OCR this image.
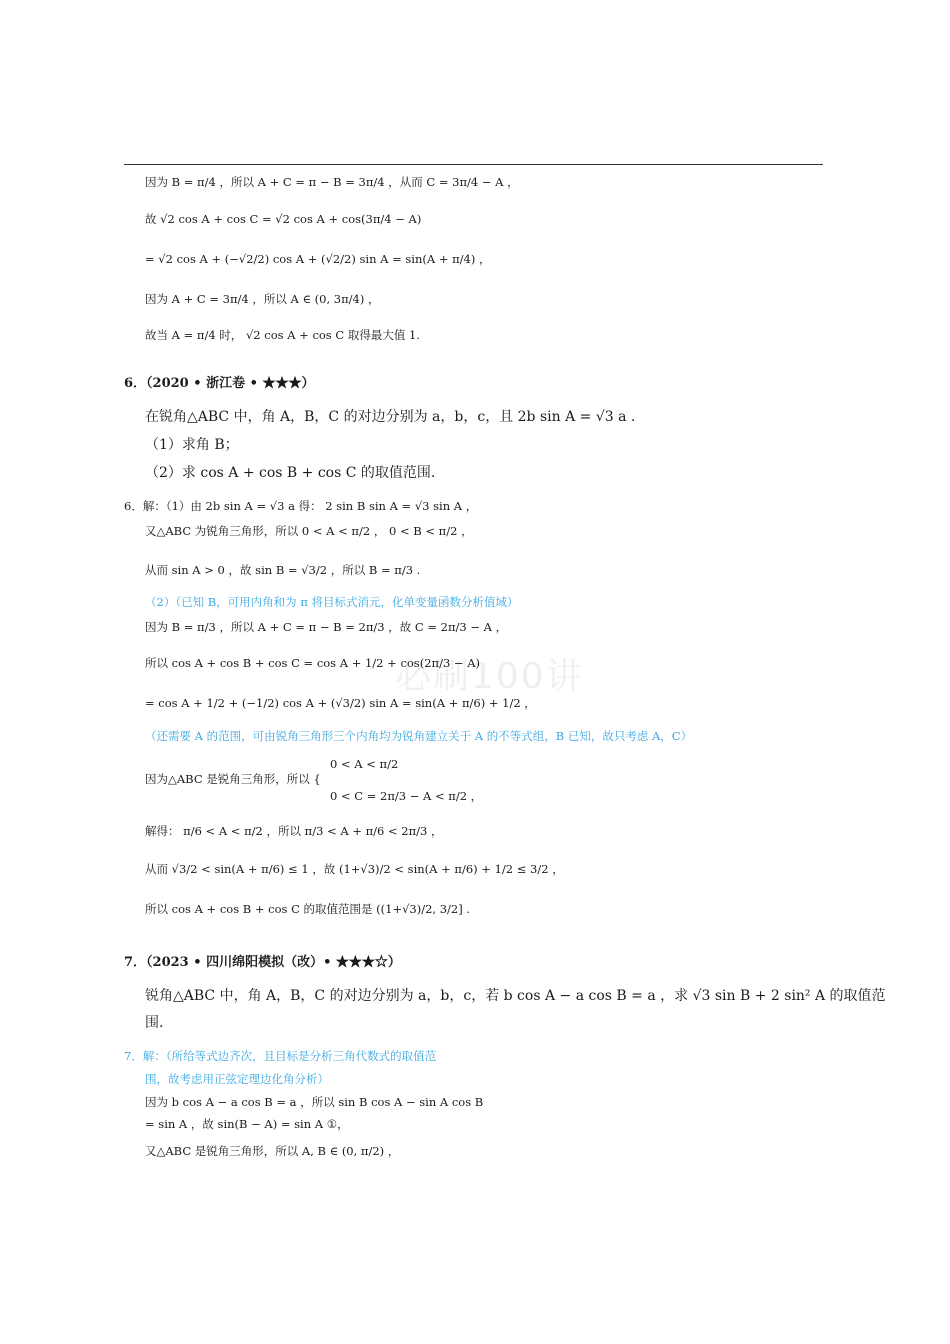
必刷100讲
因为 B = π/4 ，所以 A + C = π − B = 3π/4 ，从而 C = 3π/4 − A ，
故 √2 cos A + cos C = √2 cos A + cos(3π/4 − A)
= √2 cos A + (−√2/2) cos A + (√2/2) sin A = sin(A + π/4) ，
因为 A + C = 3π/4 ，所以 A ∈ (0, 3π/4) ，
故当 A = π/4 时， √2 cos A + cos C 取得最大值 1.
6．（2020 • 浙江卷 • ★★★）
在锐角△ABC 中，角 A，B，C 的对边分别为 a，b，c，且 2b sin A = √3 a .
（1）求角 B；
（2）求 cos A + cos B + cos C 的取值范围.
6．解：（1）由 2b sin A = √3 a 得： 2 sin B sin A = √3 sin A ，
又△ABC 为锐角三角形，所以 0 < A < π/2 ， 0 < B < π/2 ，
从而 sin A > 0 ，故 sin B = √3/2 ，所以 B = π/3 .
（2）（已知 B，可用内角和为 π 将目标式消元，化单变量函数分析值域）
因为 B = π/3 ，所以 A + C = π − B = 2π/3 ，故 C = 2π/3 − A ，
所以 cos A + cos B + cos C = cos A + 1/2 + cos(2π/3 − A)
= cos A + 1/2 + (−1/2) cos A + (√3/2) sin A = sin(A + π/6) + 1/2 ，
（还需要 A 的范围，可由锐角三角形三个内角均为锐角建立关于 A 的不等式组，B 已知，故只考虑 A，C）
0 < A < π/2
因为△ABC 是锐角三角形，所以 {
0 < C = 2π/3 − A < π/2 ，
解得： π/6 < A < π/2 ，所以 π/3 < A + π/6 < 2π/3 ，
从而 √3/2 < sin(A + π/6) ≤ 1 ，故 (1+√3)/2 < sin(A + π/6) + 1/2 ≤ 3/2 ，
所以 cos A + cos B + cos C 的取值范围是 ((1+√3)/2, 3/2] .
7．（2023 • 四川绵阳模拟（改）• ★★★☆）
锐角△ABC 中，角 A，B，C 的对边分别为 a，b，c，若 b cos A − a cos B = a ，求 √3 sin B + 2 sin² A 的取值范
围.
7．解：（所给等式边齐次，且目标是分析三角代数式的取值范
围，故考虑用正弦定理边化角分析）
因为 b cos A − a cos B = a ，所以 sin B cos A − sin A cos B
= sin A ，故 sin(B − A) = sin A ①，
又△ABC 是锐角三角形，所以 A, B ∈ (0, π/2) ，
